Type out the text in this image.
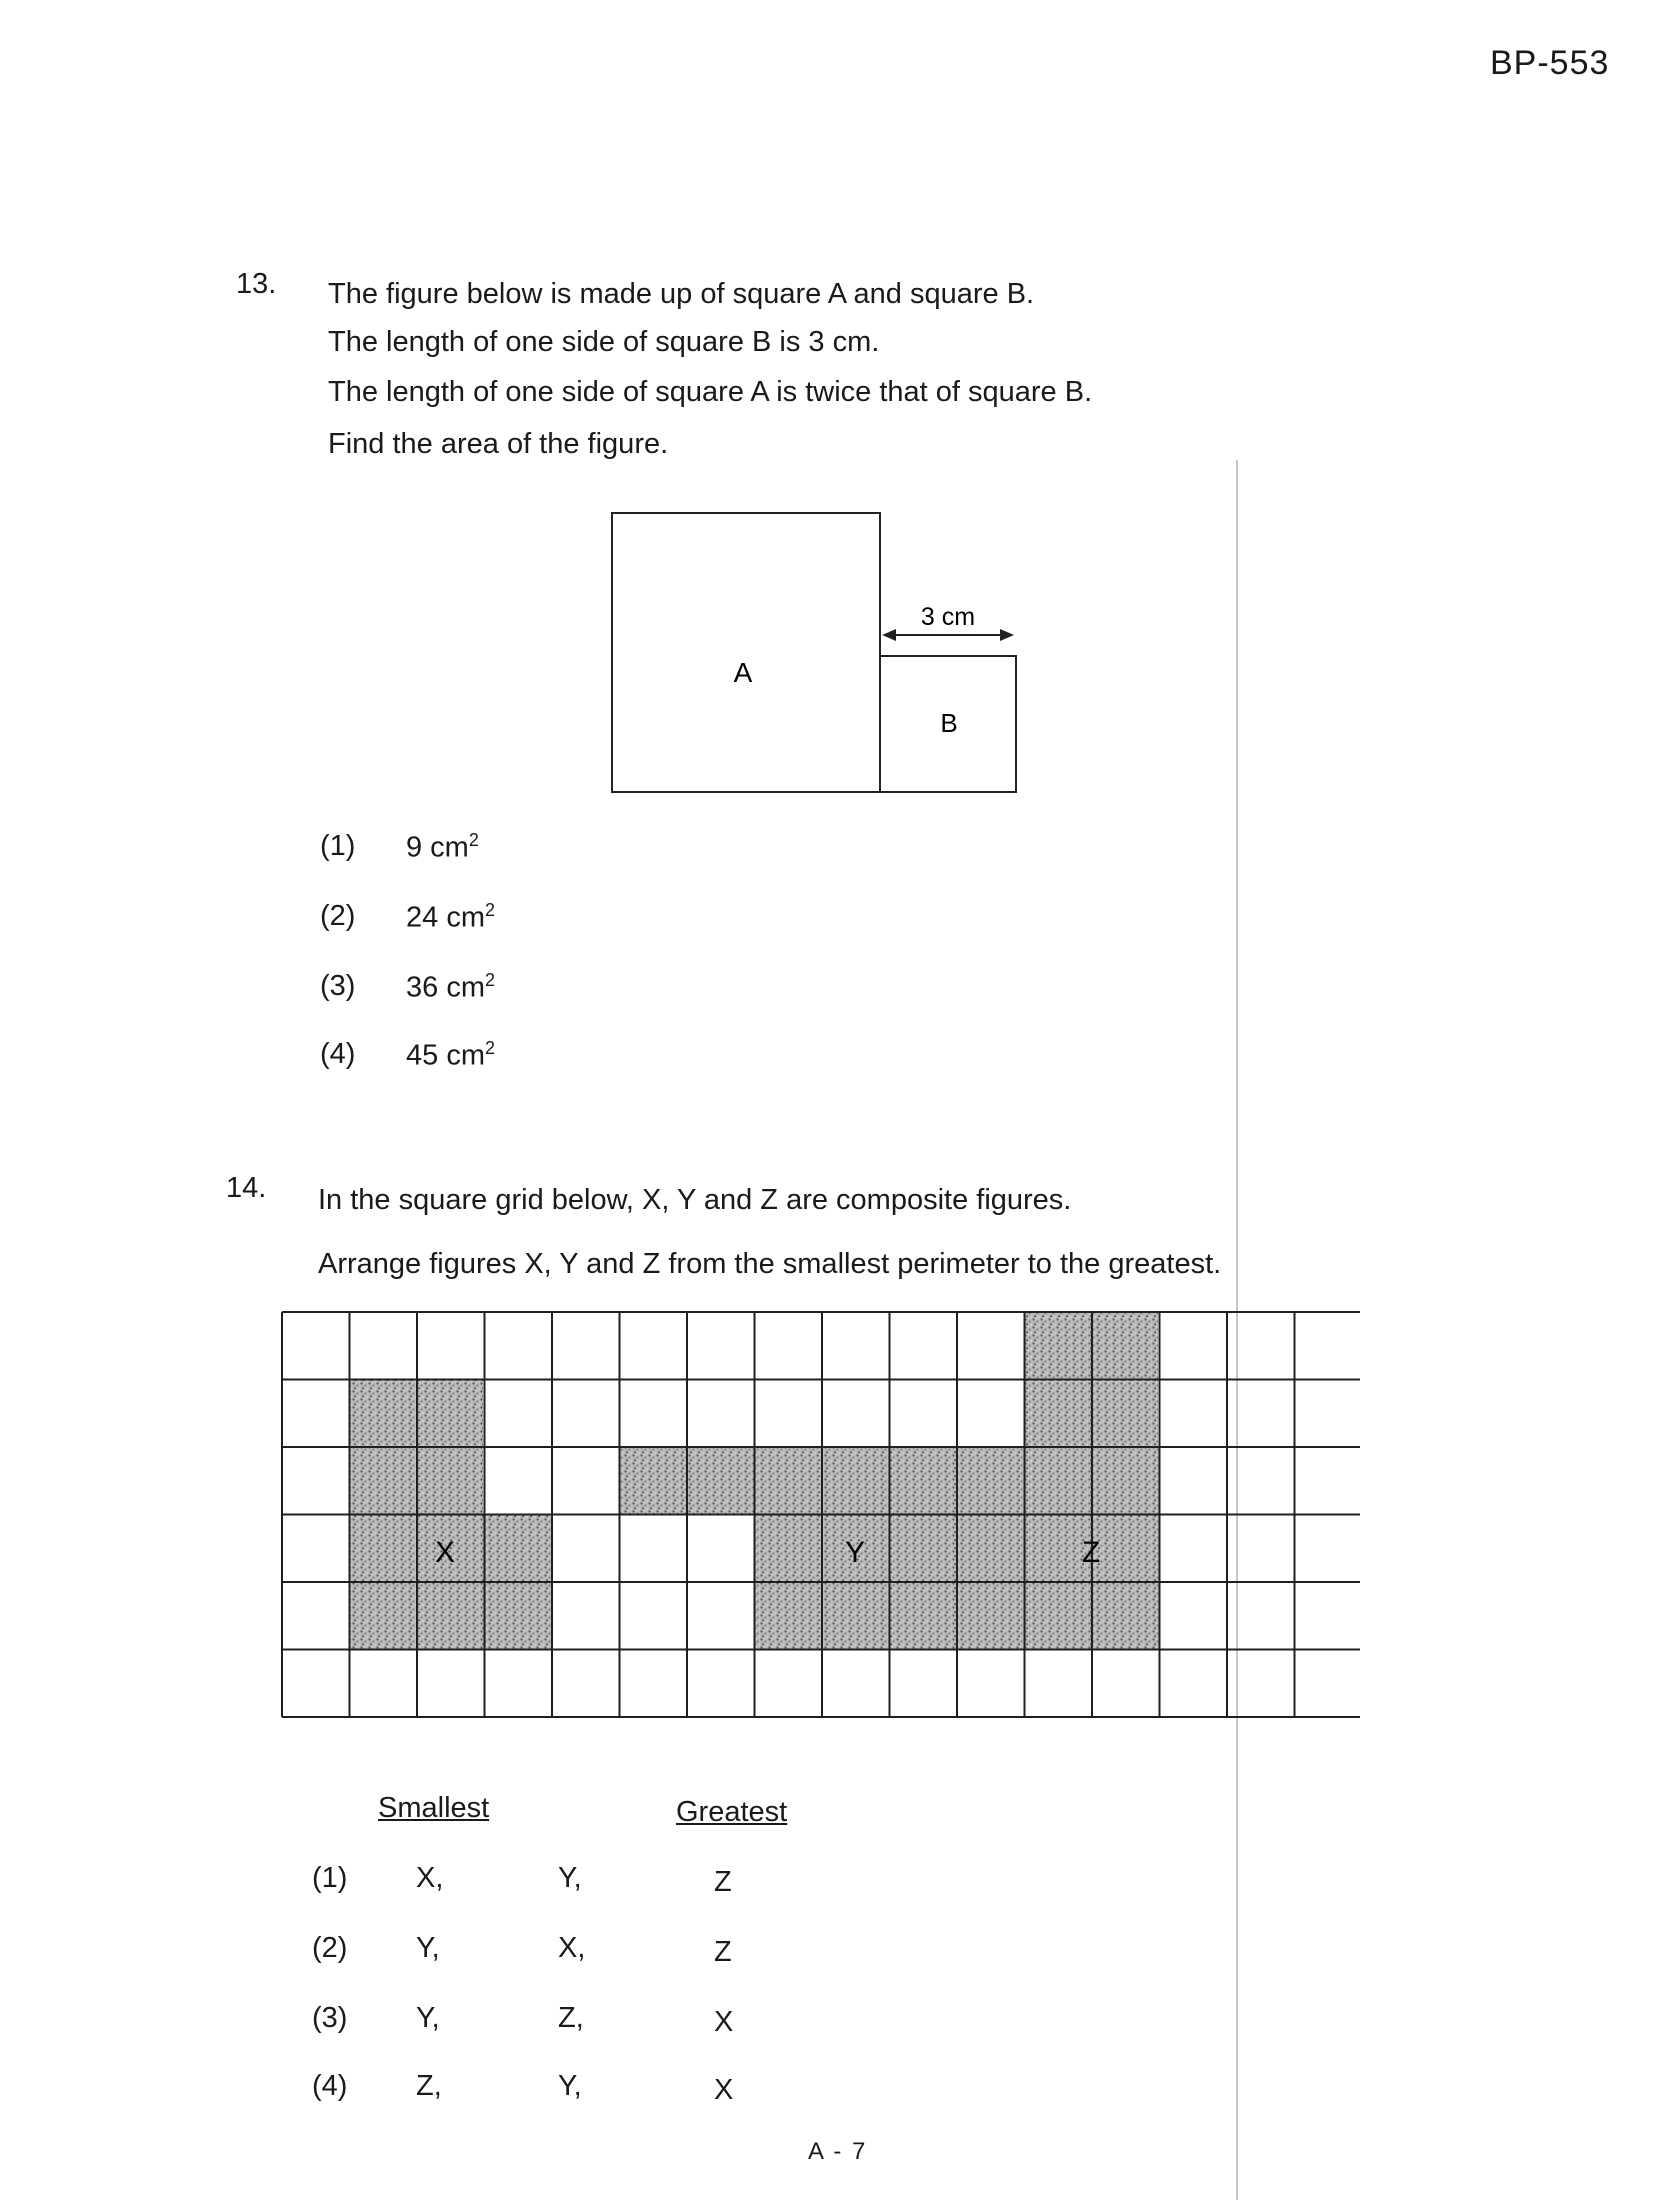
BP-553
13. The figure below is made up of square A and square B.
The length of one side of square B is 3 cm.
The length of one side of square A is twice that of square B.
Find the area of the figure.
3 cm
A
B
(1) 9 $cm^2$
(2) 24 $cm^2$
(3) 36 $cm^2$
(4) 45 $cm^2$
14. In the square grid below, X, Y and Z are composite figures.
Arrange figures X, Y and Z from the smallest perimeter to the greatest.
X	Y	Z
Smallest	Greatest
(1) X,	Y,	Z
(2) Y,	X,	Z
(3) Y,	Z,	X
(4) Z,	Y,	X
A - 7
